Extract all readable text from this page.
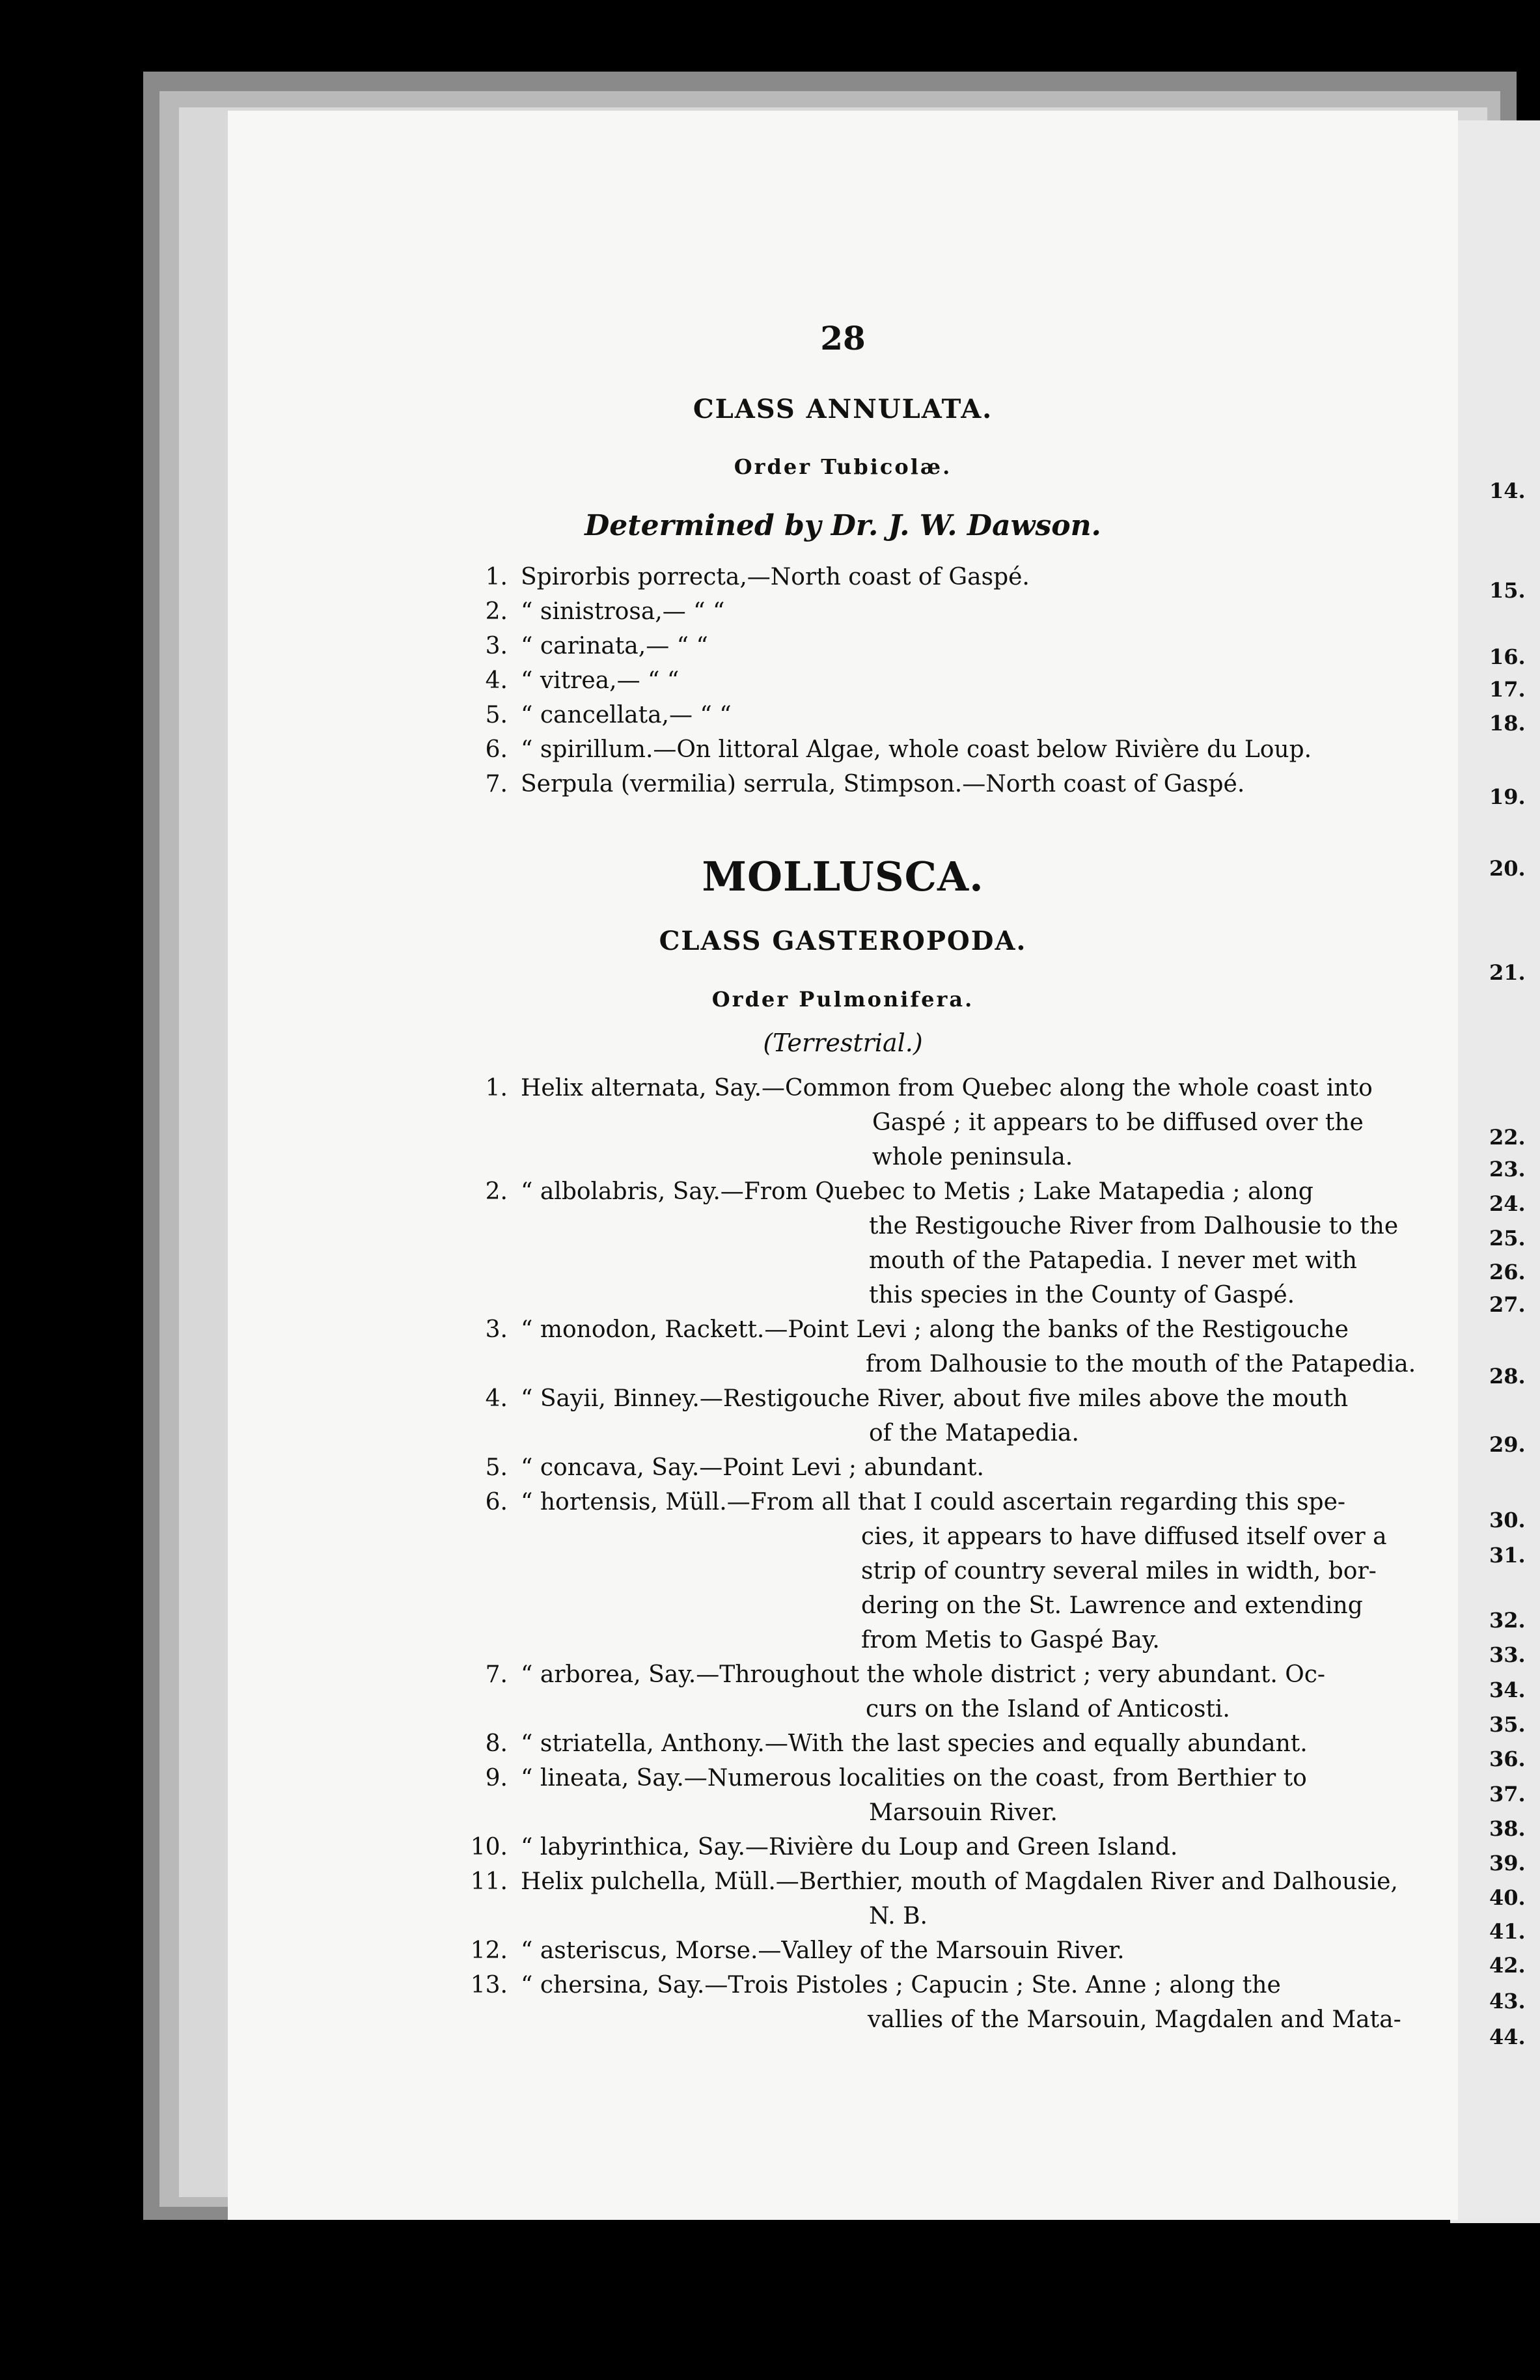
28
CLASS ANNULATA.
Order Tubicolæ.
Determined by Dr. J. W. Dawson.
1. Spirorbis porrecta,—North coast of Gaspé.
2. “ sinistrosa,— “ “
3. “ carinata,— “ “
4. “ vitrea,— “ “
5. “ cancellata,— “ “
6. “ spirillum.—On littoral Algae, whole coast below Rivière du Loup.
7. Serpula (vermilia) serrula, Stimpson.—North coast of Gaspé.
MOLLUSCA.
CLASS GASTEROPODA.
Order Pulmonifera.
(Terrestrial.)
1. Helix alternata, Say.—Common from Quebec along the whole coast into
Gaspé ; it appears to be diffused over the
whole peninsula.
2. “ albolabris, Say.—From Quebec to Metis ; Lake Matapedia ; along
the Restigouche River from Dalhousie to the
mouth of the Patapedia. I never met with
this species in the County of Gaspé.
3. “ monodon, Rackett.—Point Levi ; along the banks of the Restigouche
from Dalhousie to the mouth of the Patapedia.
4. “ Sayii, Binney.—Restigouche River, about five miles above the mouth
of the Matapedia.
5. “ concava, Say.—Point Levi ; abundant.
6. “ hortensis, Müll.—From all that I could ascertain regarding this spe-
cies, it appears to have diffused itself over a
strip of country several miles in width, bor-
dering on the St. Lawrence and extending
from Metis to Gaspé Bay.
7. “ arborea, Say.—Throughout the whole district ; very abundant. Oc-
curs on the Island of Anticosti.
8. “ striatella, Anthony.—With the last species and equally abundant.
9. “ lineata, Say.—Numerous localities on the coast, from Berthier to
Marsouin River.
10. “ labyrinthica, Say.—Rivière du Loup and Green Island.
11. Helix pulchella, Müll.—Berthier, mouth of Magdalen River and Dalhousie,
N. B.
12. “ asteriscus, Morse.—Valley of the Marsouin River.
13. “ chersina, Say.—Trois Pistoles ; Capucin ; Ste. Anne ; along the
vallies of the Marsouin, Magdalen and Mata-
14.
15.
16.
17.
18.
19.
20.
21.
22.
23.
24.
25.
26.
27.
28.
29.
30.
31.
32.
33.
34.
35.
36.
37.
38.
39.
40.
41.
42.
43.
44.
